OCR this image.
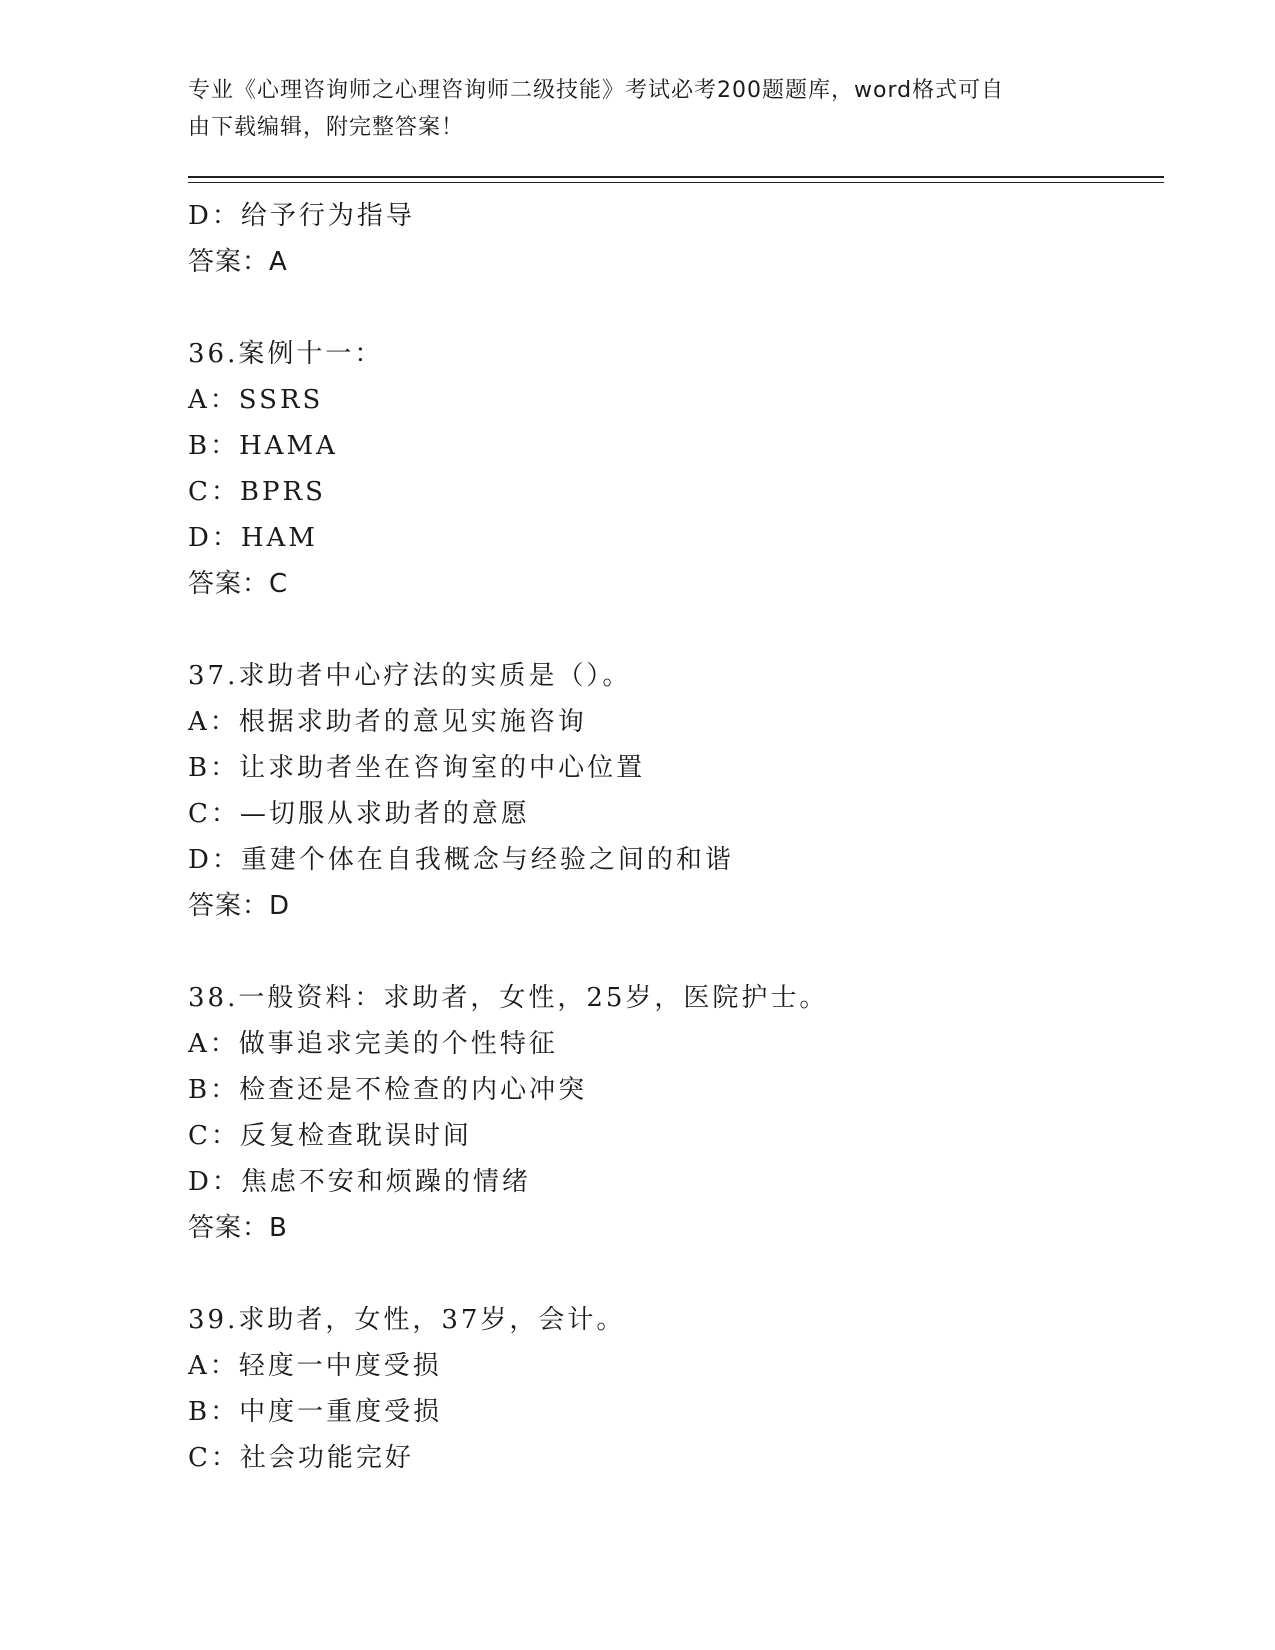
专业《心理咨询师之心理咨询师二级技能》考试必考200题题库，word格式可自
由下载编辑，附完整答案！
D：给予行为指导
答案：A
36.案例十一：
A：SSRS
B：HAMA
C：BPRS
D：HAM
答案：C
37.求助者中心疗法的实质是（）。
A：根据求助者的意见实施咨询
B：让求助者坐在咨询室的中心位置
C：—切服从求助者的意愿
D：重建个体在自我概念与经验之间的和谐
答案：D
38.一般资料：求助者，女性，25岁，医院护士。
A：做事追求完美的个性特征
B：检查还是不检查的内心冲突
C：反复检查耽误时间
D：焦虑不安和烦躁的情绪
答案：B
39.求助者，女性，37岁，会计。
A：轻度一中度受损
B：中度一重度受损
C：社会功能完好
